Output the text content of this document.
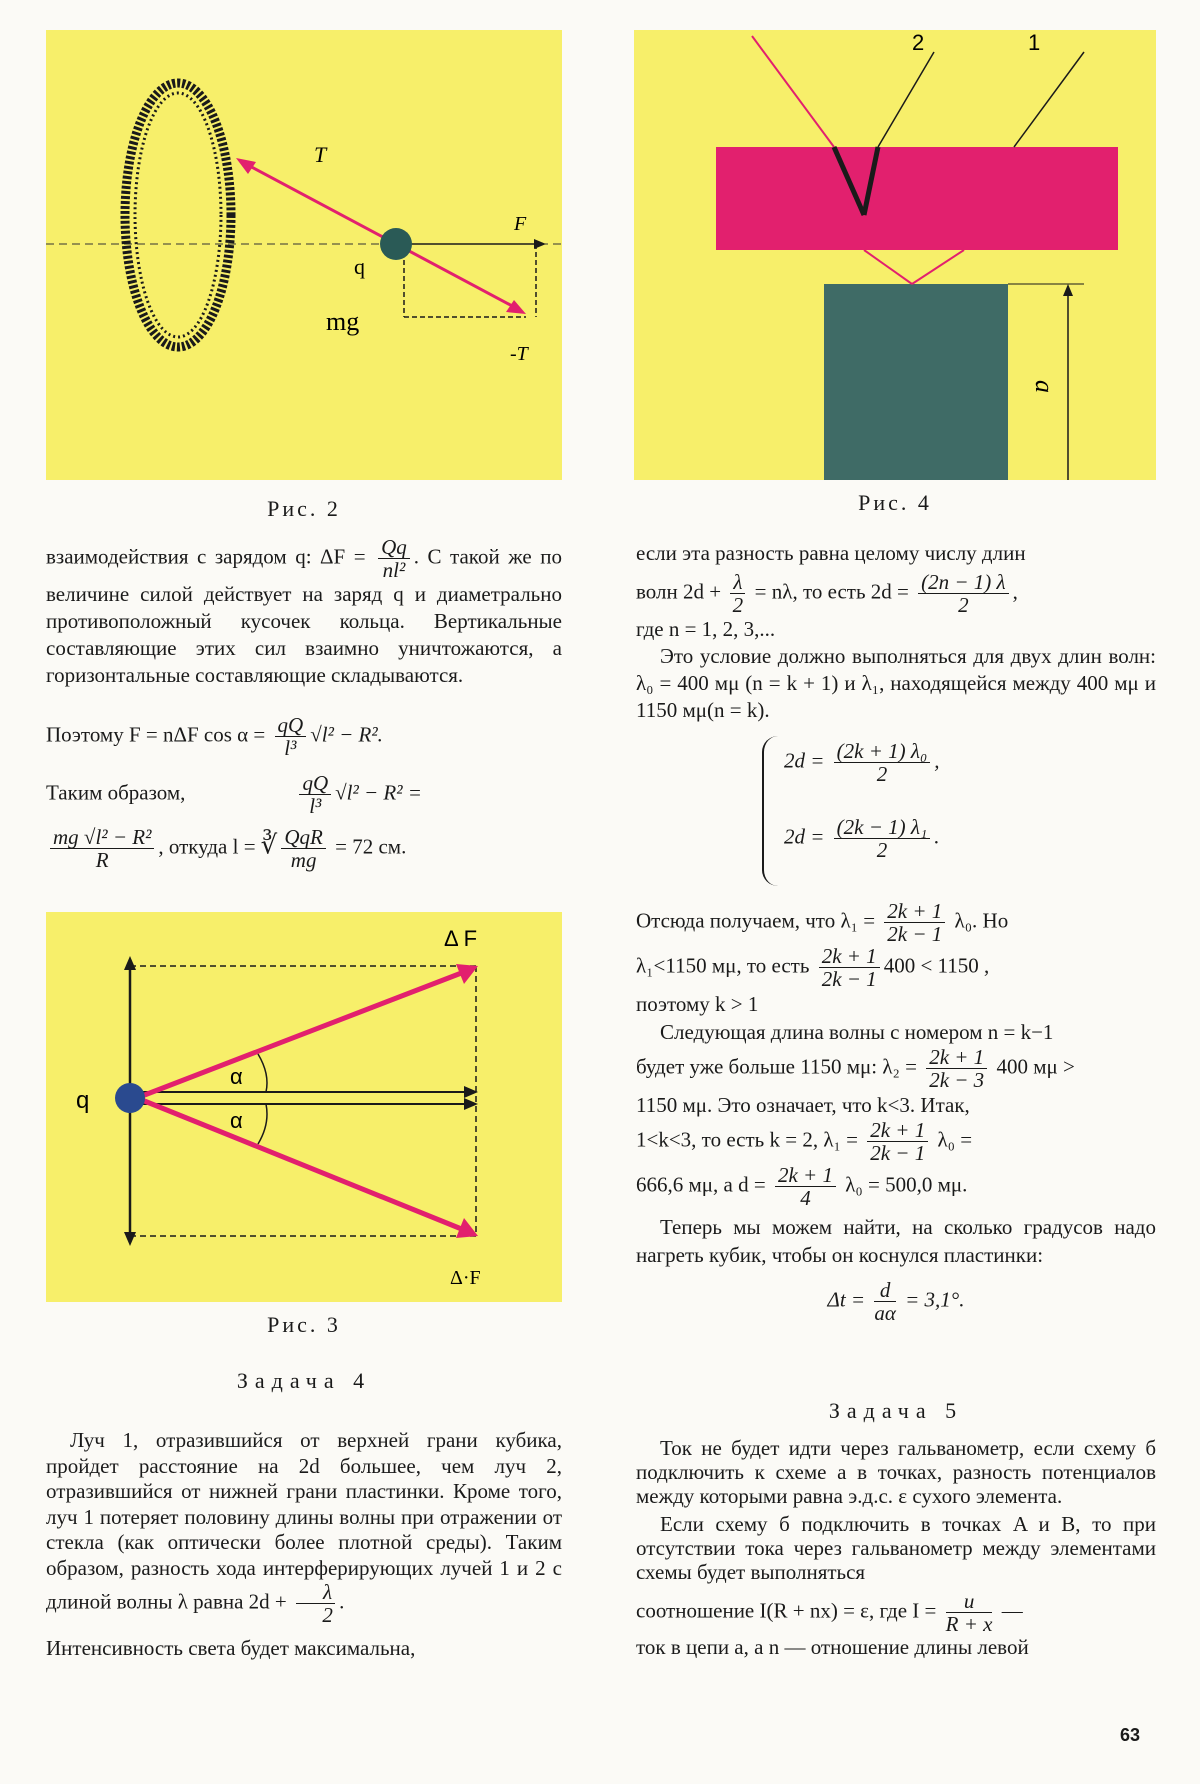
T
F
q
mg
-T
Рис. 2
2	1
a
Рис. 4

взаимодействия с зарядом q: $\Delta F = \frac{Qq}{\text{nl²}}$ . С такой же по величине силой действует на заряд q и диаметрально противоположный кусочек кольца. Вертикальные составляющие этих сил взаимно уничтожаются, а горизонтальные составляющие складываются.

Поэтому F = nΔF $\cos \alpha = \frac{qQ}{\text{l³}} √l^2 - R^2$.

Таким образом,	$\frac{qQ}{\text{l³}} √l^2 - R^2$ =

$\frac{\text{mg √l² − R²}}{R}$ , откуда l = ∛ $\frac{\text{QqR}}{mg} = 72$ см.

Δ F
Δ·F
q
α
α
Рис. 3
Задача 4

Луч 1, отразившийся от верхней грани кубика, пройдет расстояние на 2d большее, чем луч 2, отразившийся от нижней грани пластинки. Кроме того, луч 1 потеряет половину длины волны при отражении от стекла (как оптически более плотной среды). Таким образом, разность хода интерферирующих лучей 1 и 2 с длиной волны λ равна $2d + \frac{\lambda}{2}$ .

Интенсивность света будет максимальна,

если эта разность равна целому числу длин

волн $2d + \frac{\lambda}{2} = n\lambda$, то есть $2d = \frac{(2n - 1) \lambda}{2}$ ,

где n = 1, 2, 3,...

Это условие должно выполняться для двух длин волн: λ₀ = 400 мμ (n = k + 1) и λ₁, находящейся между 400 мμ и 1150 мμ(n = k).

$2d = \frac{\text{(2k + 1) λ₀}}{2}$ ,
$2d = \frac{\text{(2k − 1) λ₁}}{2}$ .

Отсюда получаем, что $\lambda_1 = \frac{2k + 1}{2k - 1} \lambda_0$. Но

λ₁<1150 мμ, то есть $\frac{2k + 1}{2k - 1} 400 < 1150$ ,

поэтому k > 1

Следующая длина волны с номером n = k−1

будет уже больше 1150 мμ: $\lambda_2 = \frac{2k + 1}{2k - 3} 400$ мμ >

1150 мμ. Это означает, что k<3. Итак,

1<k<3, то есть k = 2, $\lambda_1 = \frac{2k + 1}{2k - 1} \lambda_0$ =

666,6 мμ, а $d = \frac{2k + 1}{4} \lambda_0 = 500,0$ мμ.

Теперь мы можем найти, на сколько градусов надо нагреть кубик, чтобы он коснулся пластинки:

$\Delta t = \frac{d}{a\alpha} = 3,1^\circ$.

Задача 5

Ток не будет идти через гальванометр, если схему б подключить к схеме а в точках, разность потенциалов между которыми равна э.д.с. ε сухого элемента.

Если схему б подключить в точках A и B, то при отсутствии тока через гальванометр между элементами схемы будет выполняться

соотношение I(R + nx) = ε, где $I = \frac{u}{R + x}$ —

ток в цепи а, а n — отношение длины левой

63
